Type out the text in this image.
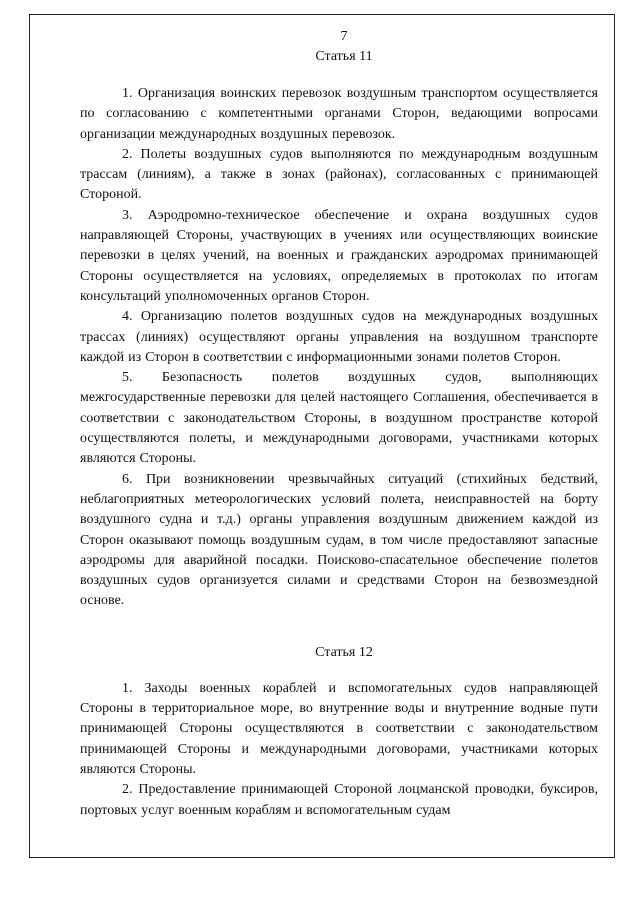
7
Статья 11

1. Организация воинских перевозок воздушным транспортом осуществляется по согласованию с компетентными органами Сторон, ведающими вопросами организации международных воздушных перевозок.

2. Полеты воздушных судов выполняются по международным воздушным трассам (линиям), а также в зонах (районах), согласованных с принимающей Стороной.

3. Аэродромно-техническое обеспечение и охрана воздушных судов направляющей Стороны, участвующих в учениях или осуществляющих воинские перевозки в целях учений, на военных и гражданских аэродромах принимающей Стороны осуществляется на условиях, определяемых в протоколах по итогам консультаций уполномоченных органов Сторон.

4. Организацию полетов воздушных судов на международных воздушных трассах (линиях) осуществляют органы управления на воздушном транспорте каждой из Сторон в соответствии с информационными зонами полетов Сторон.

5. Безопасность полетов воздушных судов, выполняющих межгосударственные перевозки для целей настоящего Соглашения, обеспечивается в соответствии с законодательством Стороны, в воздушном пространстве которой осуществляются полеты, и международными договорами, участниками которых являются Стороны.

6. При возникновении чрезвычайных ситуаций (стихийных бедствий, неблагоприятных метеорологических условий полета, неисправностей на борту воздушного судна и т.д.) органы управления воздушным движением каждой из Сторон оказывают помощь воздушным судам, в том числе предоставляют запасные аэродромы для аварийной посадки. Поисково-спасательное обеспечение полетов воздушных судов организуется силами и средствами Сторон на безвозмездной основе.

Статья 12

1. Заходы военных кораблей и вспомогательных судов направляющей Стороны в территориальное море, во внутренние воды и внутренние водные пути принимающей Стороны осуществляются в соответствии с законодательством принимающей Стороны и международными договорами, участниками которых являются Стороны.

2. Предоставление принимающей Стороной лоцманской проводки, буксиров, портовых услуг военным кораблям и вспомогательным судам
